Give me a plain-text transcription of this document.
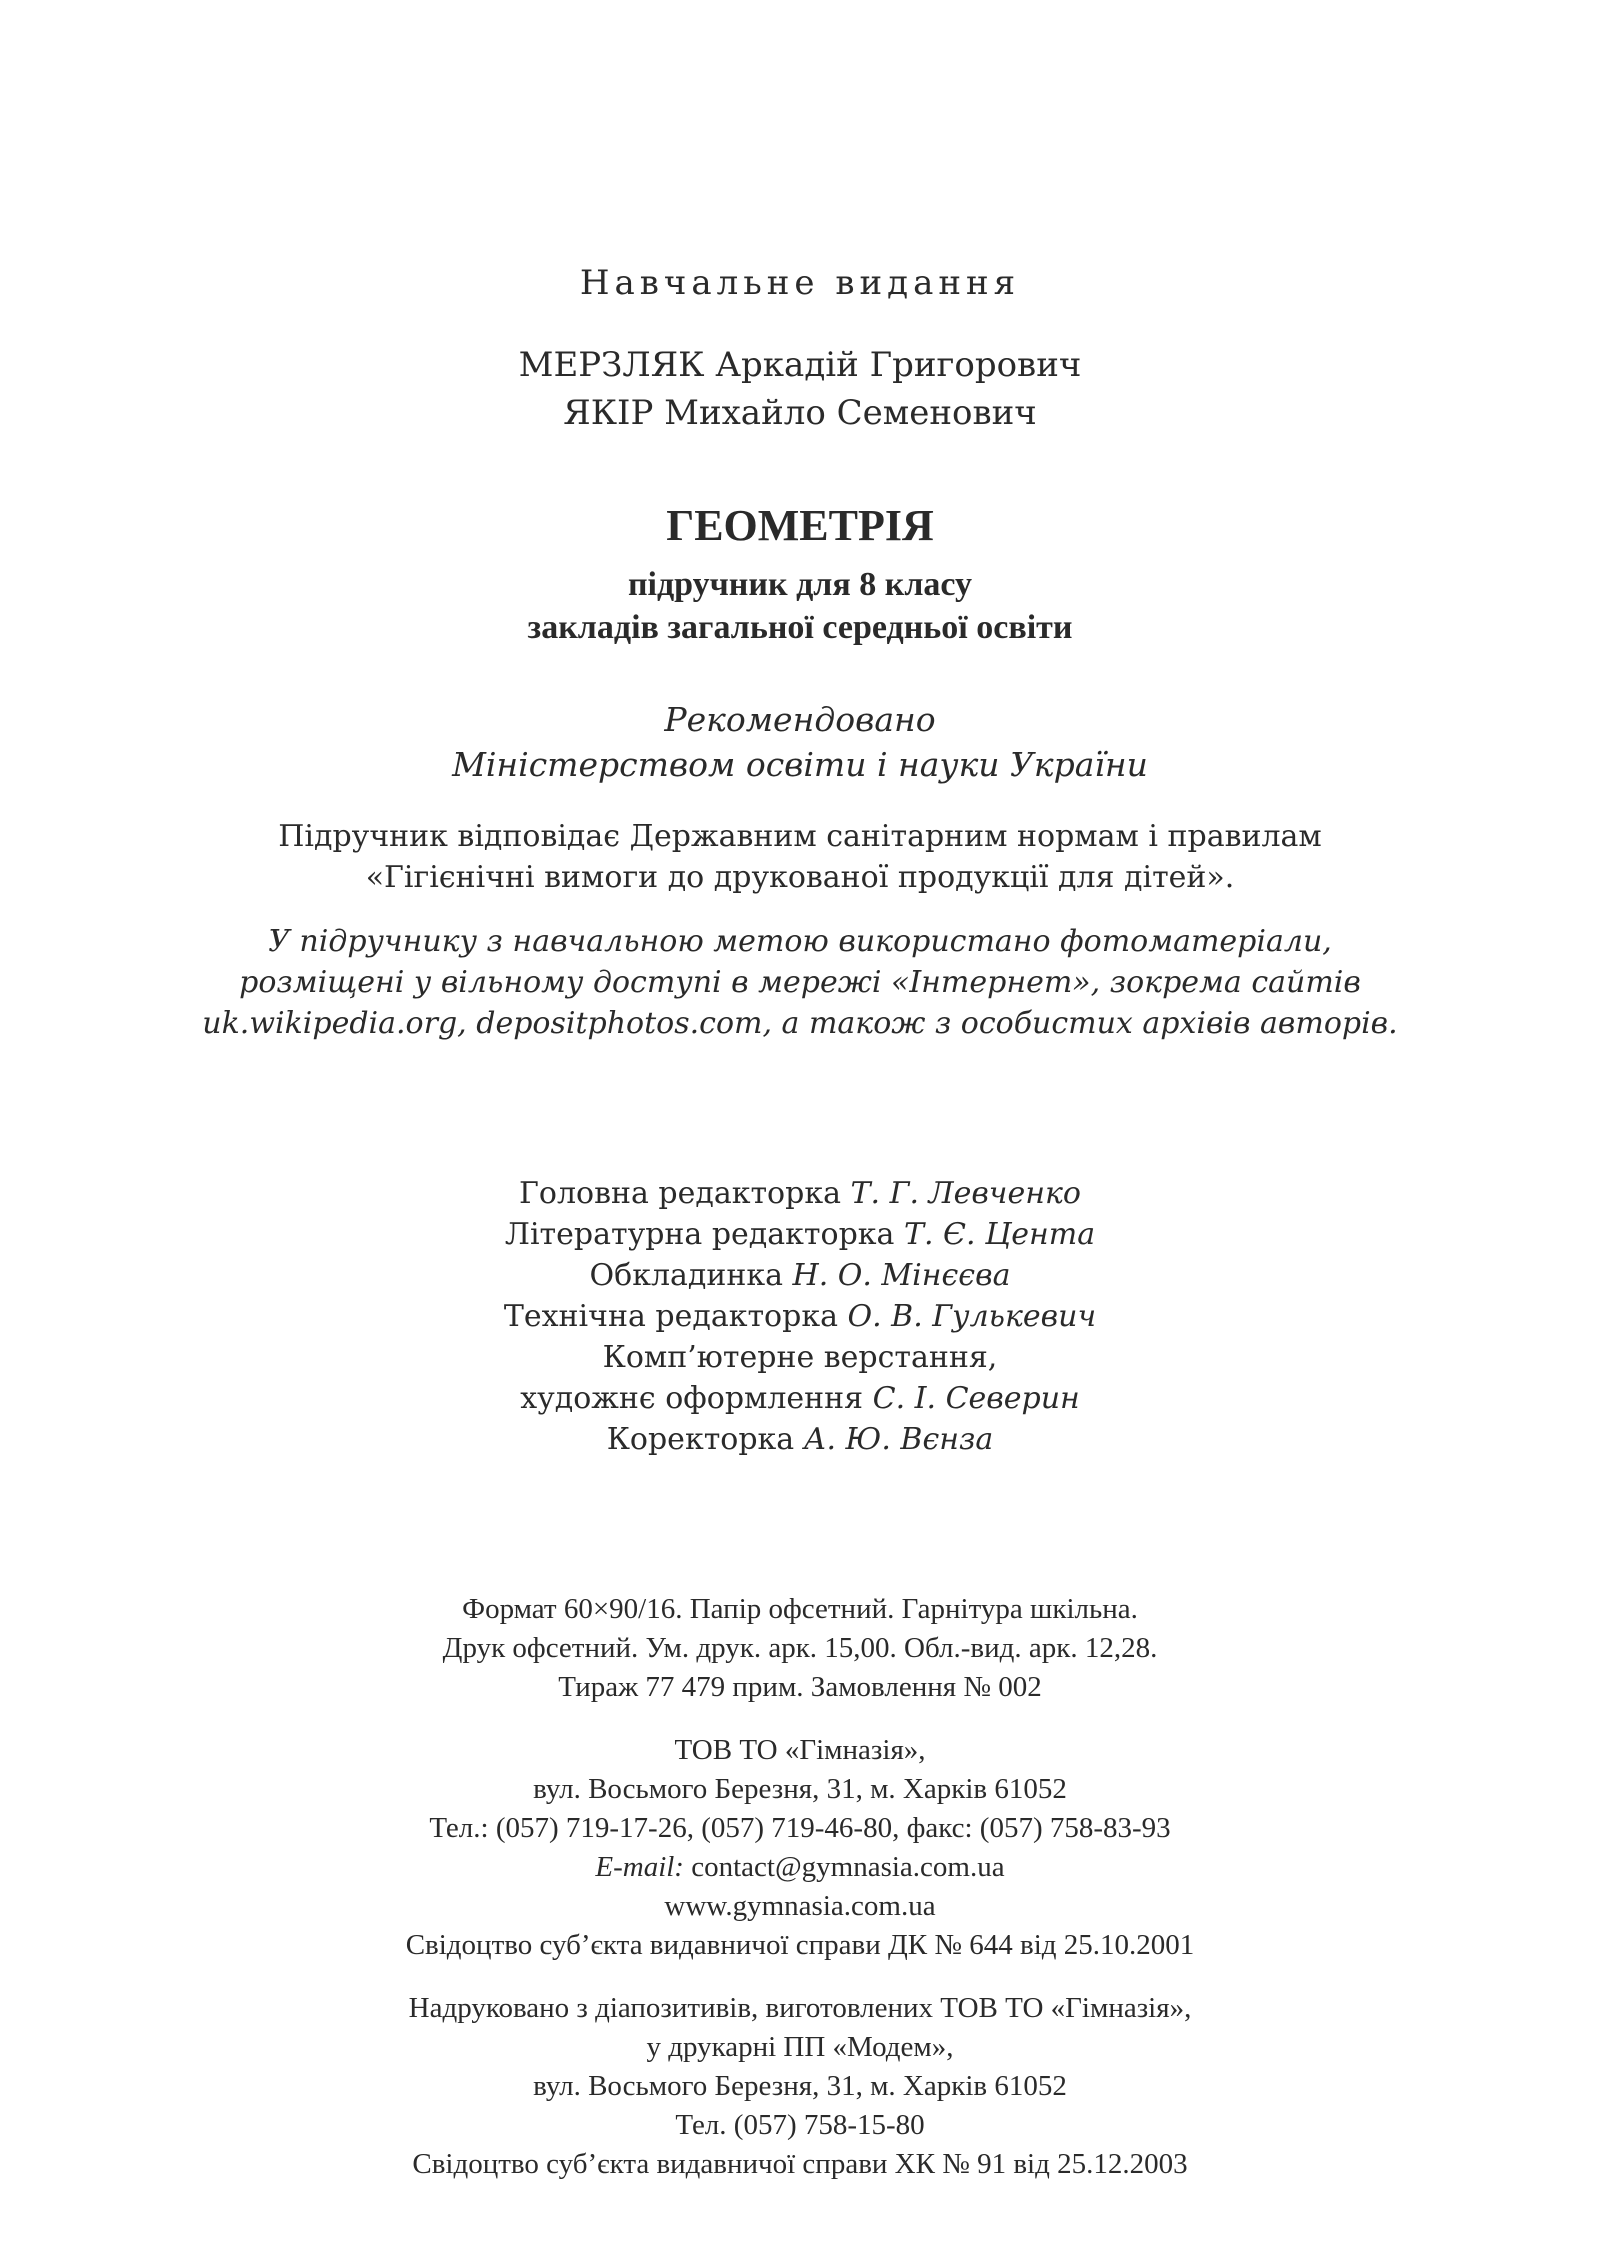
Навчальне видання
МЕРЗЛЯК Аркадій Григорович
ЯКІР Михайло Семенович
ГЕОМЕТРІЯ
підручник для 8 класу
закладів загальної середньої освіти
Рекомендовано
Міністерством освіти і науки України
Підручник відповідає Державним санітарним нормам і правилам
«Гігієнічні вимоги до друкованої продукції для дітей».
У підручнику з навчальною метою використано фотоматеріали,
розміщені у вільному доступі в мережі «Інтернет», зокрема сайтів
uk.wikipedia.org, depositphotos.com, а також з особистих архівів авторів.
Головна редакторка Т. Г. Левченко
Літературна редакторка Т. Є. Цента
Обкладинка Н. О. Мінєєва
Технічна редакторка О. В. Гулькевич
Комп’ютерне верстання,
художнє оформлення С. І. Северин
Коректорка А. Ю. Вєнза
Формат 60×90/16. Папір офсетний. Гарнітура шкільна.
Друк офсетний. Ум. друк. арк. 15,00. Обл.-вид. арк. 12,28.
Тираж 77 479 прим. Замовлення № 002
ТОВ ТО «Гімназія»,
вул. Восьмого Березня, 31, м. Харків 61052
Тел.: (057) 719-17-26, (057) 719-46-80, факс: (057) 758-83-93
E-mail: contact@gymnasia.com.ua
www.gymnasia.com.ua
Свідоцтво суб’єкта видавничої справи ДК № 644 від 25.10.2001
Надруковано з діапозитивів, виготовлених ТОВ ТО «Гімназія»,
у друкарні ПП «Модем»,
вул. Восьмого Березня, 31, м. Харків 61052
Тел. (057) 758-15-80
Свідоцтво суб’єкта видавничої справи ХК № 91 від 25.12.2003
